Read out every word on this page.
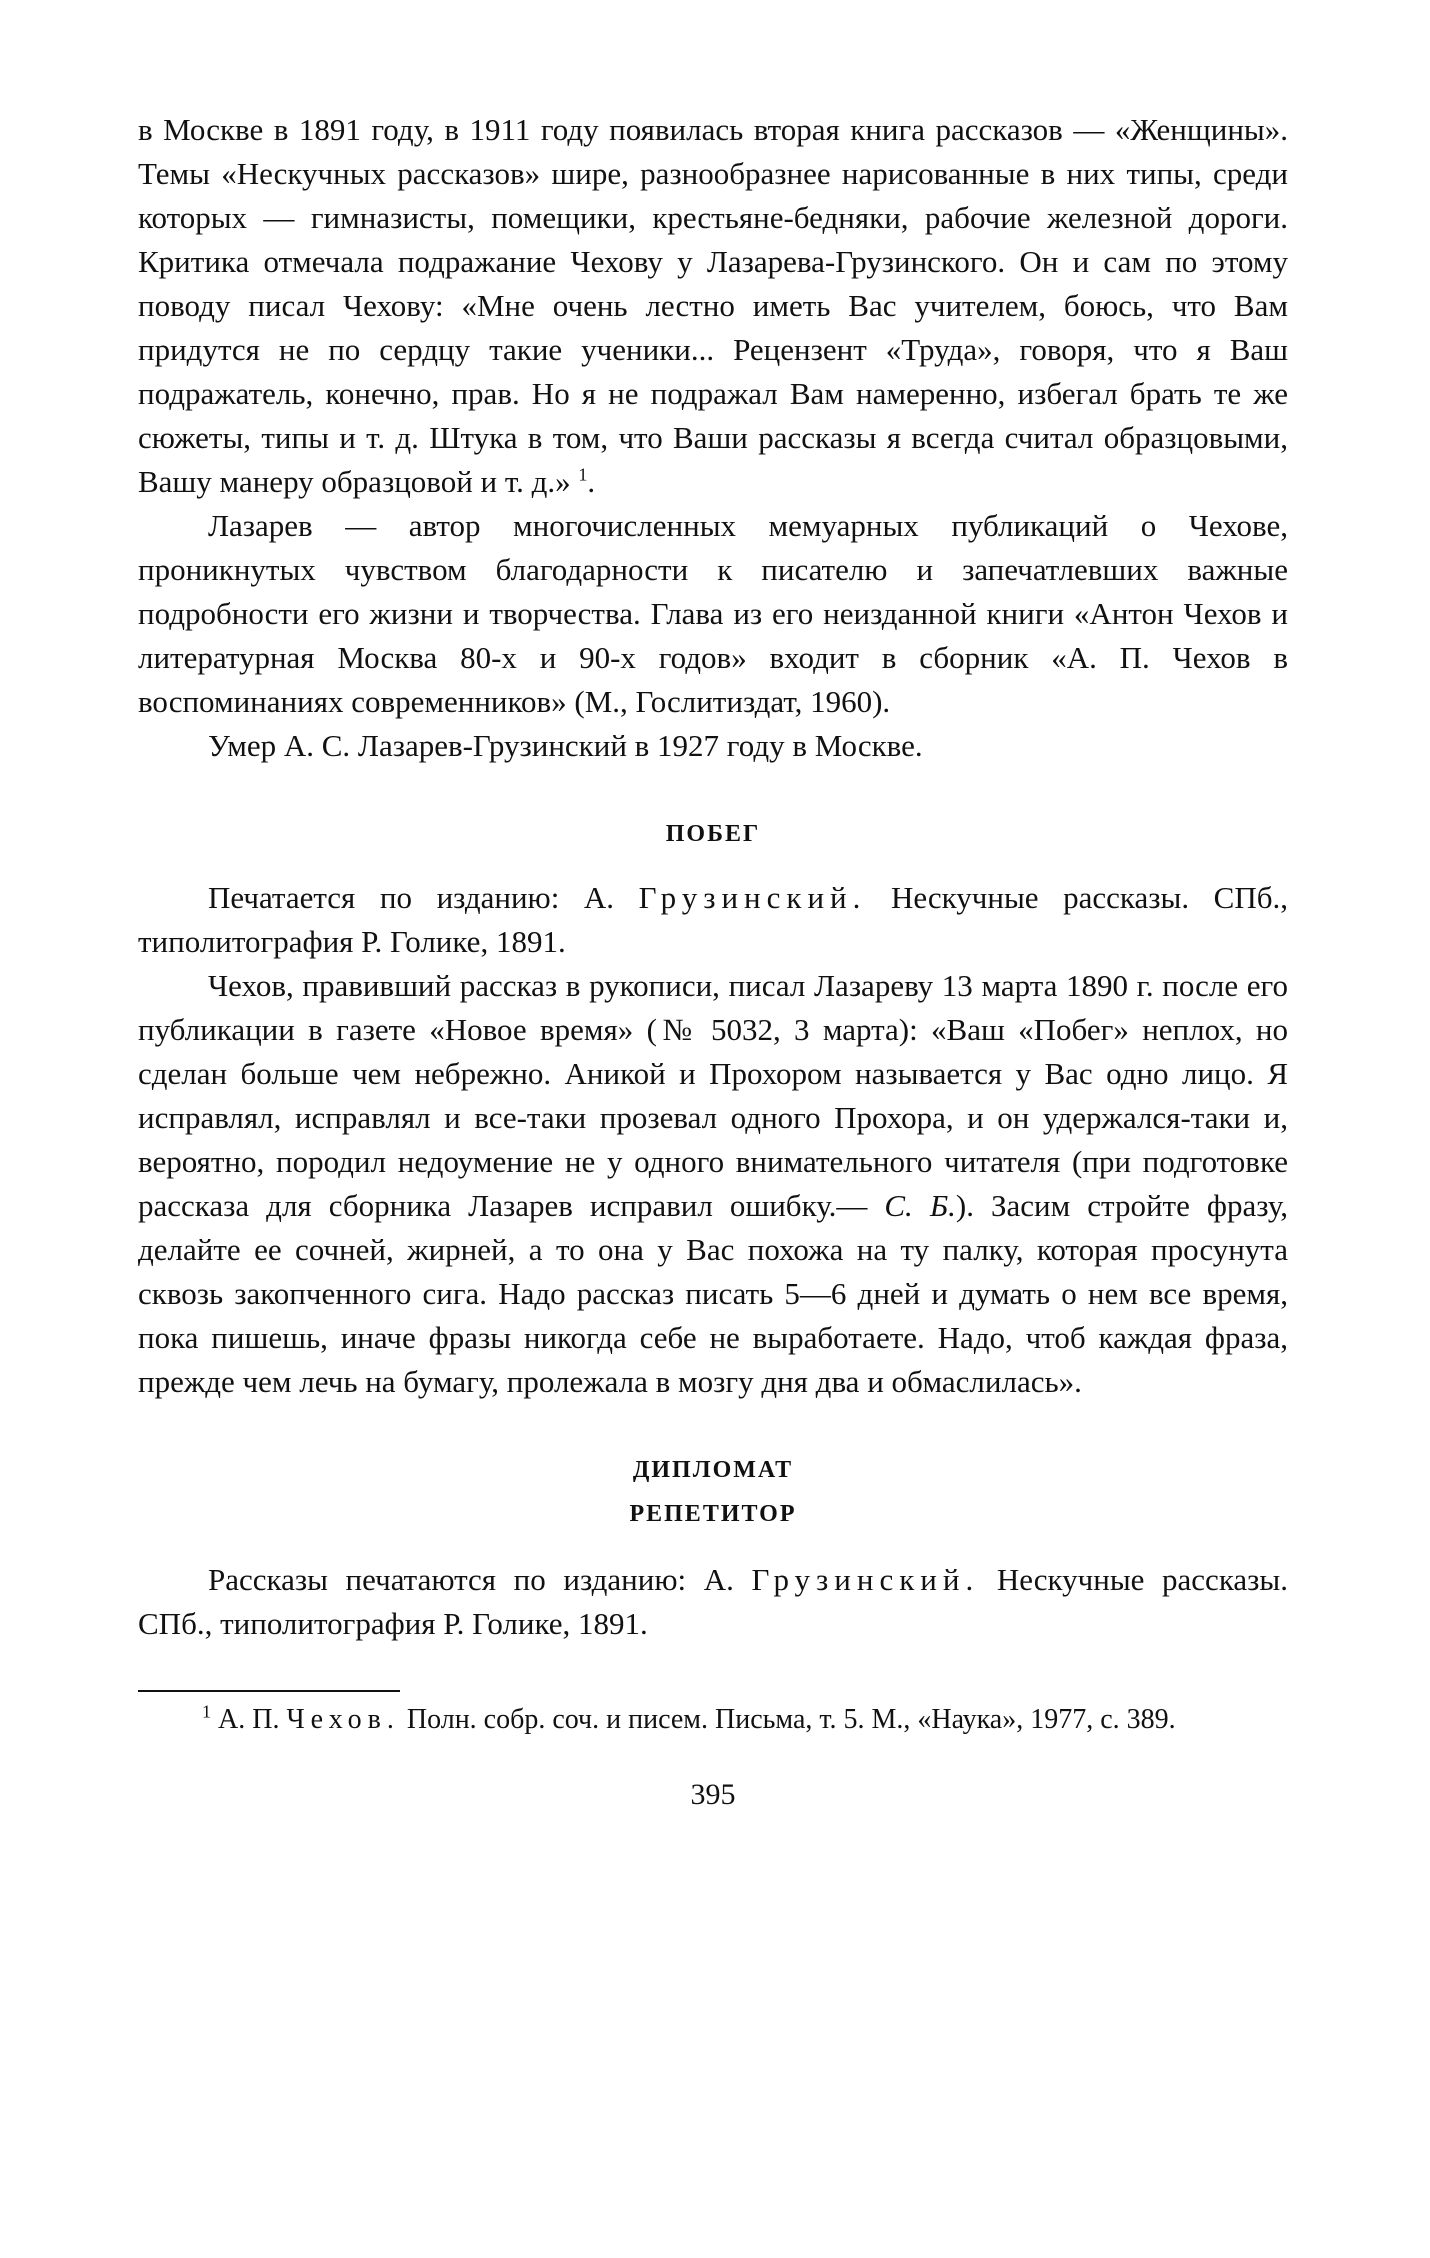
в Москве в 1891 году, в 1911 году появилась вторая книга рассказов — «Женщины». Темы «Нескучных рассказов» шире, разнообразнее нарисованные в них типы, среди которых — гимназисты, помещики, крестьяне-бедняки, рабочие железной дороги. Критика отмечала подражание Чехову у Лазарева-Грузинского. Он и сам по этому поводу писал Чехову: «Мне очень лестно иметь Вас учителем, боюсь, что Вам придутся не по сердцу такие ученики... Рецензент «Труда», говоря, что я Ваш подражатель, конечно, прав. Но я не подражал Вам намеренно, избегал брать те же сюжеты, типы и т. д. Штука в том, что Ваши рассказы я всегда считал образцовыми, Вашу манеру образцовой и т. д.» $^1$.

Лазарев — автор многочисленных мемуарных публикаций о Чехове, проникнутых чувством благодарности к писателю и запечатлевших важные подробности его жизни и творчества. Глава из его неизданной книги «Антон Чехов и литературная Москва 80-х и 90-х годов» входит в сборник «А. П. Чехов в воспоминаниях современников» (М., Гослитиздат, 1960).

Умер А. С. Лазарев-Грузинский в 1927 году в Москве.

ПОБЕГ

Печатается по изданию: А. Грузинский. Нескучные рассказы. СПб., типолитография Р. Голике, 1891.

Чехов, правивший рассказ в рукописи, писал Лазареву 13 марта 1890 г. после его публикации в газете «Новое время» (№ 5032, 3 марта): «Ваш «Побег» неплох, но сделан больше чем небрежно. Аникой и Прохором называется у Вас одно лицо. Я исправлял, исправлял и все-таки прозевал одного Прохора, и он удержался-таки и, вероятно, породил недоумение не у одного внимательного читателя (при подготовке рассказа для сборника Лазарев исправил ошибку.— С. Б.). Засим стройте фразу, делайте ее сочней, жирней, а то она у Вас похожа на ту палку, которая просунута сквозь закопченного сига. Надо рассказ писать 5—6 дней и думать о нем все время, пока пишешь, иначе фразы никогда себе не выработаете. Надо, чтоб каждая фраза, прежде чем лечь на бумагу, пролежала в мозгу дня два и обмаслилась».

ДИПЛОМАТ
РЕПЕТИТОР

Рассказы печатаются по изданию: А. Грузинский. Нескучные рассказы. СПб., типолитография Р. Голике, 1891.

$^1$ А. П. Чехов. Полн. собр. соч. и писем. Письма, т. 5. М., «Наука», 1977, с. 389.

395
